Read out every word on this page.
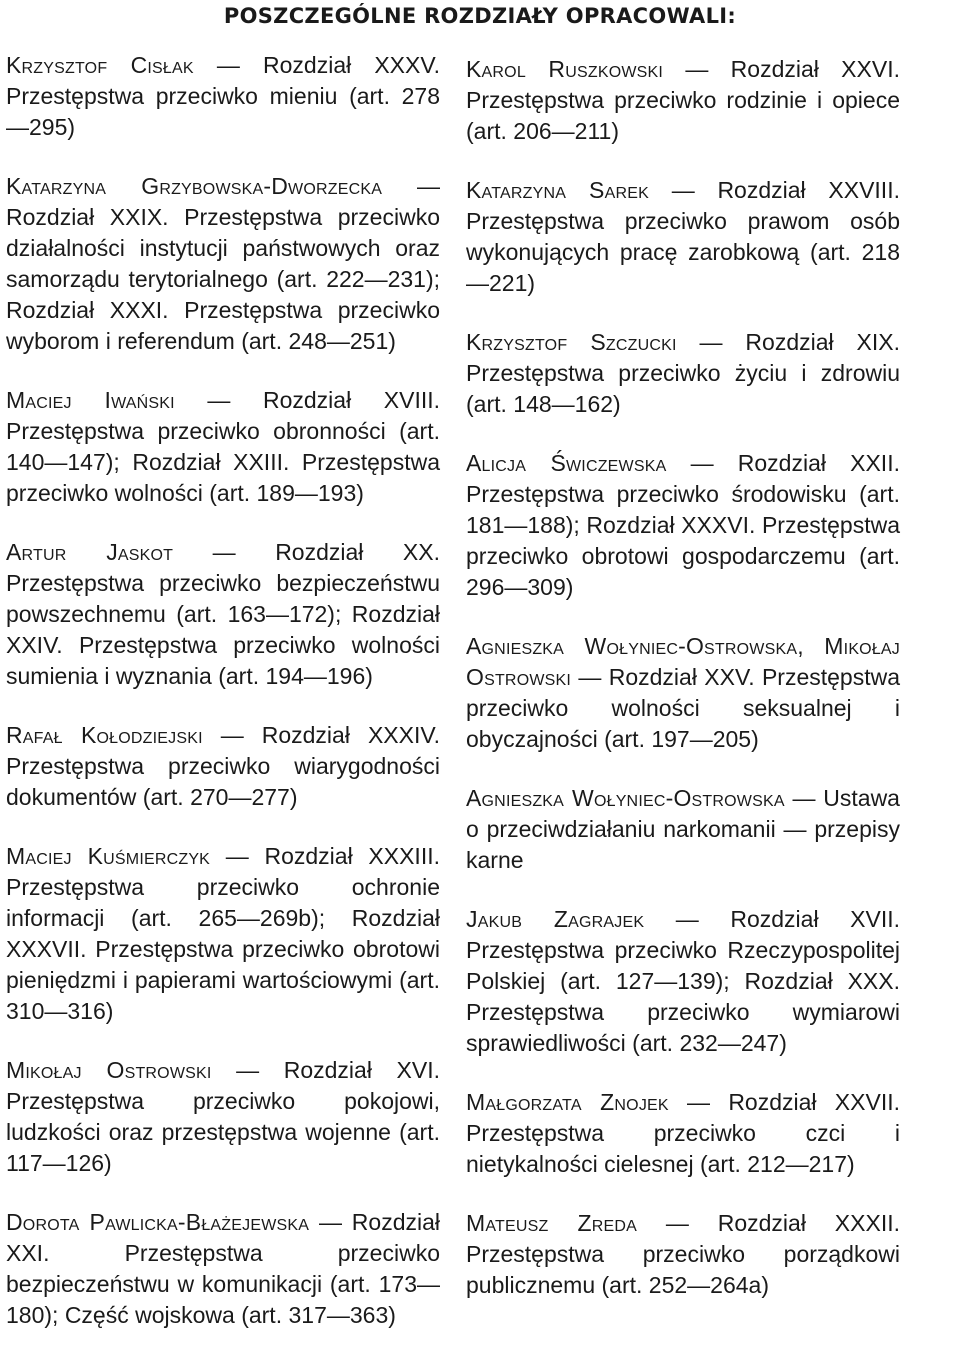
POSZCZEGÓLNE ROZDZIAŁY OPRACOWALI:

Krzysztof Cisłak — Rozdział XXXV. Przestępstwa przeciwko mieniu (art. 278—295)

Katarzyna Grzybowska-Dworzecka — Rozdział XXIX. Przestępstwa przeciwko działalności instytucji państwowych oraz samorządu terytorialnego (art. 222—231); Rozdział XXXI. Przestępstwa przeciwko wyborom i referendum (art. 248—251)

Maciej Iwański — Rozdział XVIII. Przestępstwa przeciwko obronności (art. 140—147); Rozdział XXIII. Przestępstwa przeciwko wolności (art. 189—193)

Artur Jaskot — Rozdział XX. Przestępstwa przeciwko bezpieczeństwu powszechnemu (art. 163—172); Rozdział XXIV. Przestępstwa przeciwko wolności sumienia i wyznania (art. 194—196)

Rafał Kołodziejski — Rozdział XXXIV. Przestępstwa przeciwko wiarygodności dokumentów (art. 270—277)

Maciej Kuśmierczyk — Rozdział XXXIII. Przestępstwa przeciwko ochronie informacji (art. 265—269b); Rozdział XXXVII. Przestępstwa przeciwko obrotowi pieniędzmi i papierami wartościowymi (art. 310—316)

Mikołaj Ostrowski — Rozdział XVI. Przestępstwa przeciwko pokojowi, ludzkości oraz przestępstwa wojenne (art. 117—126)

Dorota Pawlicka-Błażejewska — Rozdział XXI. Przestępstwa przeciwko bezpieczeństwu w komunikacji (art. 173—180); Część wojskowa (art. 317—363)

Karol Ruszkowski — Rozdział XXVI. Przestępstwa przeciwko rodzinie i opiece (art. 206—211)

Katarzyna Sarek — Rozdział XXVIII. Przestępstwa przeciwko prawom osób wykonujących pracę zarobkową (art. 218—221)

Krzysztof Szczucki — Rozdział XIX. Przestępstwa przeciwko życiu i zdrowiu (art. 148—162)

Alicja Świczewska — Rozdział XXII. Przestępstwa przeciwko środowisku (art. 181—188); Rozdział XXXVI. Przestępstwa przeciwko obrotowi gospodarczemu (art. 296—309)

Agnieszka Wołyniec-Ostrowska, Mikołaj Ostrowski — Rozdział XXV. Przestępstwa przeciwko wolności seksualnej i obyczajności (art. 197—205)

Agnieszka Wołyniec-Ostrowska — Ustawa o przeciwdziałaniu narkomanii — przepisy karne

Jakub Zagrajek — Rozdział XVII. Przestępstwa przeciwko Rzeczypospolitej Polskiej (art. 127—139); Rozdział XXX. Przestępstwa przeciwko wymiarowi sprawiedliwości (art. 232—247)

Małgorzata Znojek — Rozdział XXVII. Przestępstwa przeciwko czci i nietykalności cielesnej (art. 212—217)

Mateusz Zreda — Rozdział XXXII. Przestępstwa przeciwko porządkowi publicznemu (art. 252—264a)
